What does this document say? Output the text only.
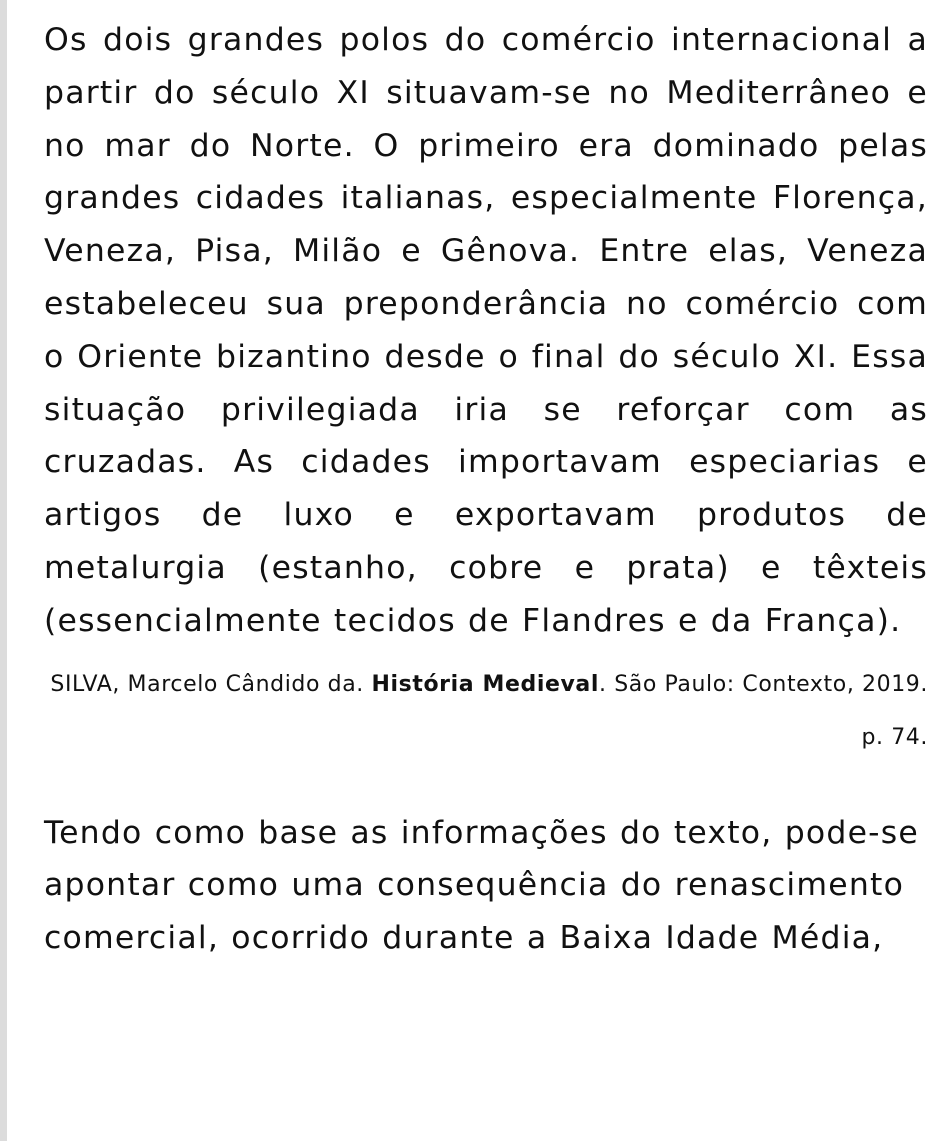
Os dois grandes polos do comércio internacional a partir do século XI situavam-se no Mediterrâneo e no mar do Norte. O primeiro era dominado pelas grandes cidades italianas, especialmente Florença, Veneza, Pisa, Milão e Gênova. Entre elas, Veneza estabeleceu sua preponderância no comércio com o Oriente bizantino desde o final do século XI. Essa situação privilegiada iria se reforçar com as cruzadas. As cidades importavam especiarias e artigos de luxo e exportavam produtos de metalurgia (estanho, cobre e prata) e têxteis (essencialmente tecidos de Flandres e da França).

SILVA, Marcelo Cândido da. História Medieval. São Paulo: Contexto, 2019. p. 74.

Tendo como base as informações do texto, pode-se apontar como uma consequência do renascimento comercial, ocorrido durante a Baixa Idade Média,
